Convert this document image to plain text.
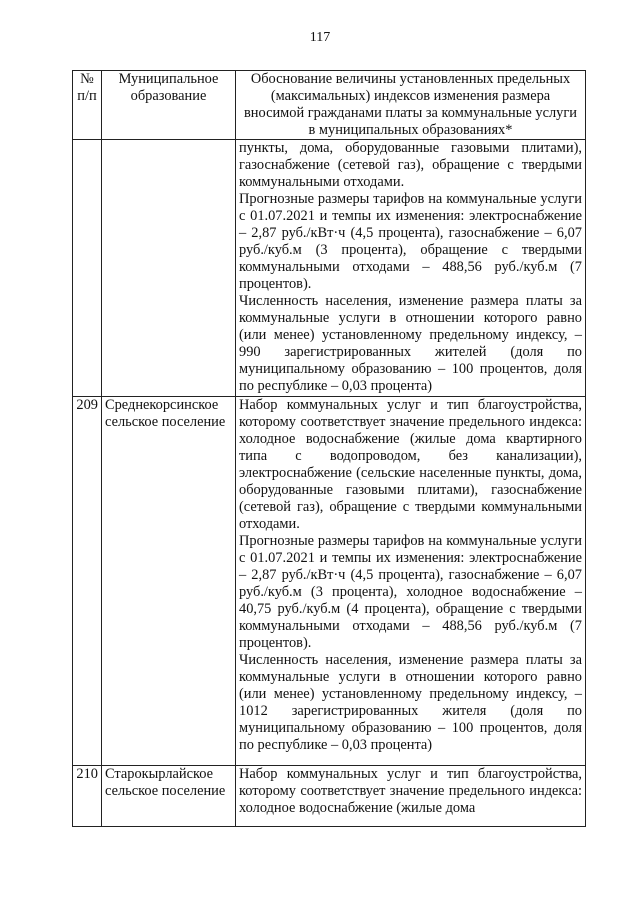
117
№ п/п	Муниципальное образование	Обоснование величины установленных предельных (максимальных) индексов изменения размера вносимой гражданами платы за коммунальные услуги в муниципальных образованиях*

		пункты, дома, оборудованные газовыми плитами), газоснабжение (сетевой газ), обращение с твердыми коммунальными отходами.

Прогнозные размеры тарифов на коммунальные услуги с 01.07.2021 и темпы их изменения: электроснабжение – 2,87 руб./кВт·ч (4,5 процента), газоснабжение – 6,07 руб./куб.м (3 процента), обращение с твердыми коммунальными отходами – 488,56 руб./куб.м (7 процентов).

Численность населения, изменение размера платы за коммунальные услуги в отношении которого равно (или менее) установленному предельному индексу, – 990 зарегистрированных жителей (доля по муниципальному образованию – 100 процентов, доля по республике – 0,03 процента)

209	Среднекорсинское сельское поселение	Набор коммунальных услуг и тип благоустройства, которому соответствует значение предельного индекса: холодное водоснабжение (жилые дома квартирного типа с водопроводом, без канализации), электроснабжение (сельские населенные пункты, дома, оборудованные газовыми плитами), газоснабжение (сетевой газ), обращение с твердыми коммунальными отходами.

Прогнозные размеры тарифов на коммунальные услуги с 01.07.2021 и темпы их изменения: электроснабжение – 2,87 руб./кВт·ч (4,5 процента), газоснабжение – 6,07 руб./куб.м (3 процента), холодное водоснабжение – 40,75 руб./куб.м (4 процента), обращение с твердыми коммунальными отходами – 488,56 руб./куб.м (7 процентов).

Численность населения, изменение размера платы за коммунальные услуги в отношении которого равно (или менее) установленному предельному индексу, – 1012 зарегистрированных жителя (доля по муниципальному образованию – 100 процентов, доля по республике – 0,03 процента)

210	Старокырлайское сельское поселение	Набор коммунальных услуг и тип благоустройства, которому соответствует значение предельного индекса: холодное водоснабжение (жилые дома
